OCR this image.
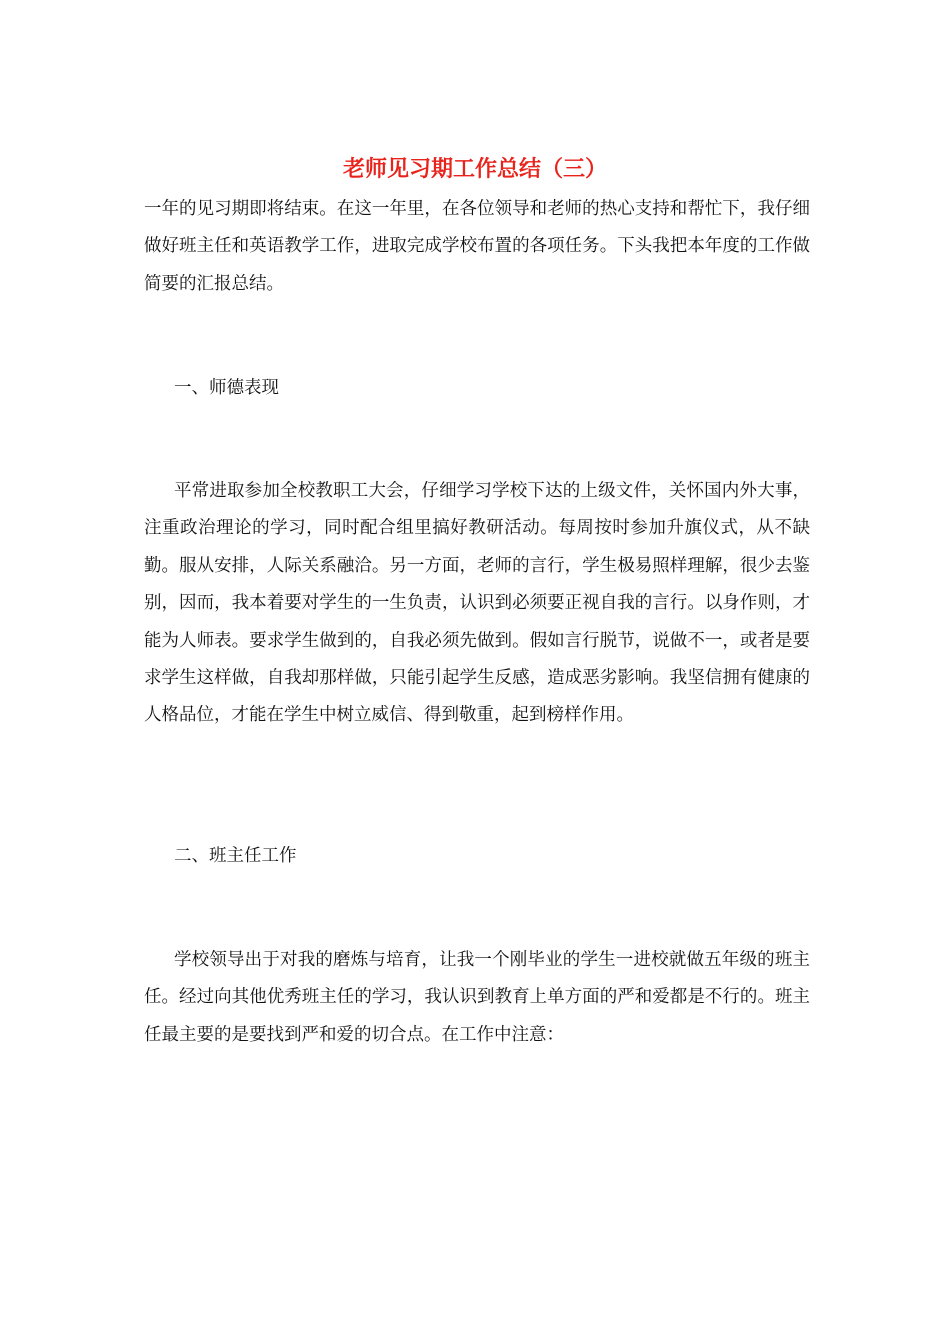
老师见习期工作总结（三）

一年的见习期即将结束。在这一年里，在各位领导和老师的热心支持和帮忙下，我仔细做好班主任和英语教学工作，进取完成学校布置的各项任务。下头我把本年度的工作做简要的汇报总结。

一、师德表现

平常进取参加全校教职工大会，仔细学习学校下达的上级文件，关怀国内外大事，注重政治理论的学习，同时配合组里搞好教研活动。每周按时参加升旗仪式，从不缺勤。服从安排，人际关系融洽。另一方面，老师的言行，学生极易照样理解，很少去鉴别，因而，我本着要对学生的一生负责，认识到必须要正视自我的言行。以身作则，才能为人师表。要求学生做到的，自我必须先做到。假如言行脱节，说做不一，或者是要求学生这样做，自我却那样做，只能引起学生反感，造成恶劣影响。我坚信拥有健康的人格品位，才能在学生中树立威信、得到敬重，起到榜样作用。

二、班主任工作

学校领导出于对我的磨炼与培育，让我一个刚毕业的学生一进校就做五年级的班主任。经过向其他优秀班主任的学习，我认识到教育上单方面的严和爱都是不行的。班主任最主要的是要找到严和爱的切合点。在工作中注意：
